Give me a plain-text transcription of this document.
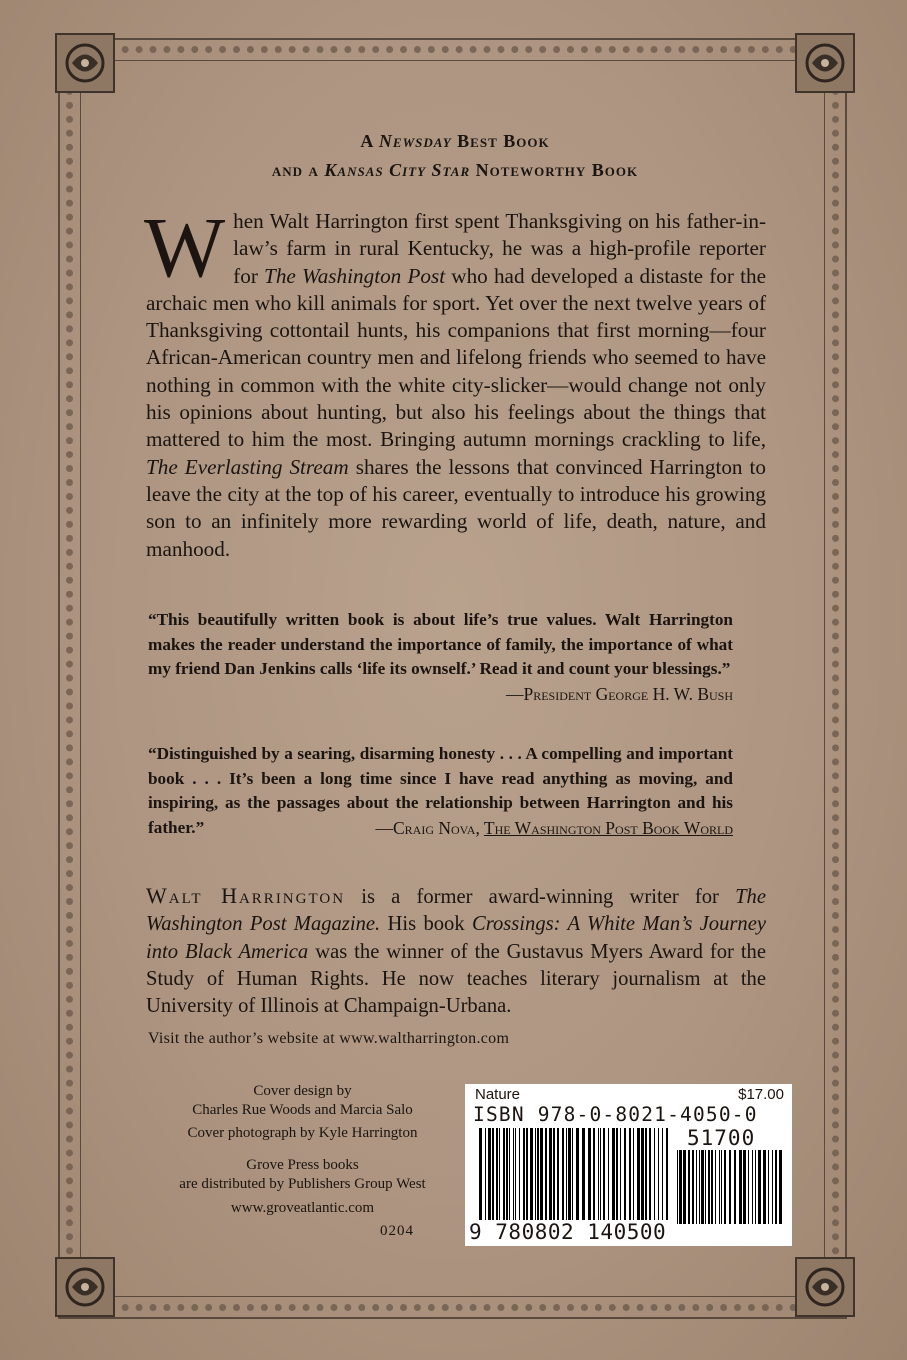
A Newsday Best Book
and a Kansas City Star Noteworthy Book
When Walt Harrington first spent Thanksgiving on his father-in-law’s farm in rural Kentucky, he was a high-profile reporter for The Washington Post who had developed a distaste for the archaic men who kill animals for sport. Yet over the next twelve years of Thanksgiving cottontail hunts, his companions that first morning—four African-American country men and lifelong friends who seemed to have nothing in common with the white city-slicker—would change not only his opinions about hunting, but also his feelings about the things that mattered to him the most. Bringing autumn mornings crackling to life, The Everlasting Stream shares the lessons that convinced Harrington to leave the city at the top of his career, eventually to introduce his growing son to an infinitely more rewarding world of life, death, nature, and manhood.
“This beautifully written book is about life’s true values. Walt Harrington makes the reader understand the importance of family, the importance of what my friend Dan Jenkins calls ‘life its ownself.’ Read it and count your blessings.”
—President George H. W. Bush
“Distinguished by a searing, disarming honesty . . . A compelling and important book . . . It’s been a long time since I have read anything as moving, and inspiring, as the passages about the relationship between Harrington and his father.”	—Craig Nova, The Washington Post Book World
Walt Harrington is a former award-winning writer for The Washington Post Magazine. His book Crossings: A White Man’s Journey into Black America was the winner of the Gustavus Myers Award for the Study of Human Rights. He now teaches literary journalism at the University of Illinois at Champaign-Urbana.
Visit the author’s website at www.waltharrington.com
Cover design by
Charles Rue Woods and Marcia Salo
Cover photograph by Kyle Harrington
Grove Press books
are distributed by Publishers Group West
www.groveatlantic.com
0204
Nature	$17.00
ISBN 978-0-8021-4050-0
51700
9 780802 140500
